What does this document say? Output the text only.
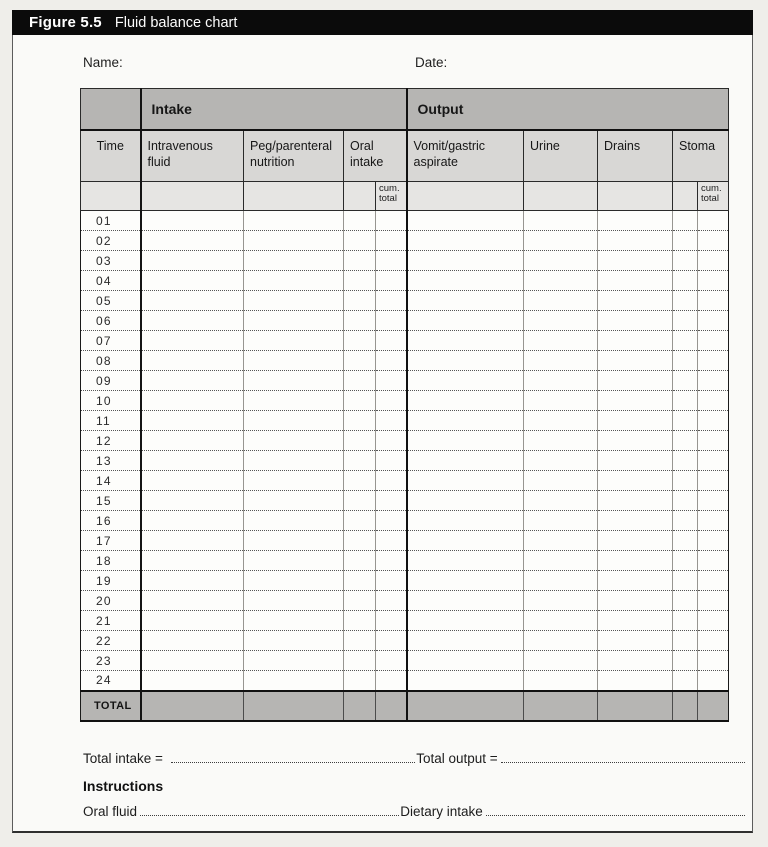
Figure 5.5 Fluid balance chart
Name:	Date:
	Intake				Output				
Time	Intravenous fluid	Peg/parenteral nutrition	Oral intake		Vomit/gastric aspirate	Urine	Drains	Stoma	
				cum. total					cum. total
01									
02									
03									
04									
05									
06									
07									
08									
09									
10									
11									
12									
13									
14									
15									
16									
17									
18									
19									
20									
21									
22									
23									
24									
TOTAL									
Total intake =	Total output =
Instructions
Oral fluid	Dietary intake
